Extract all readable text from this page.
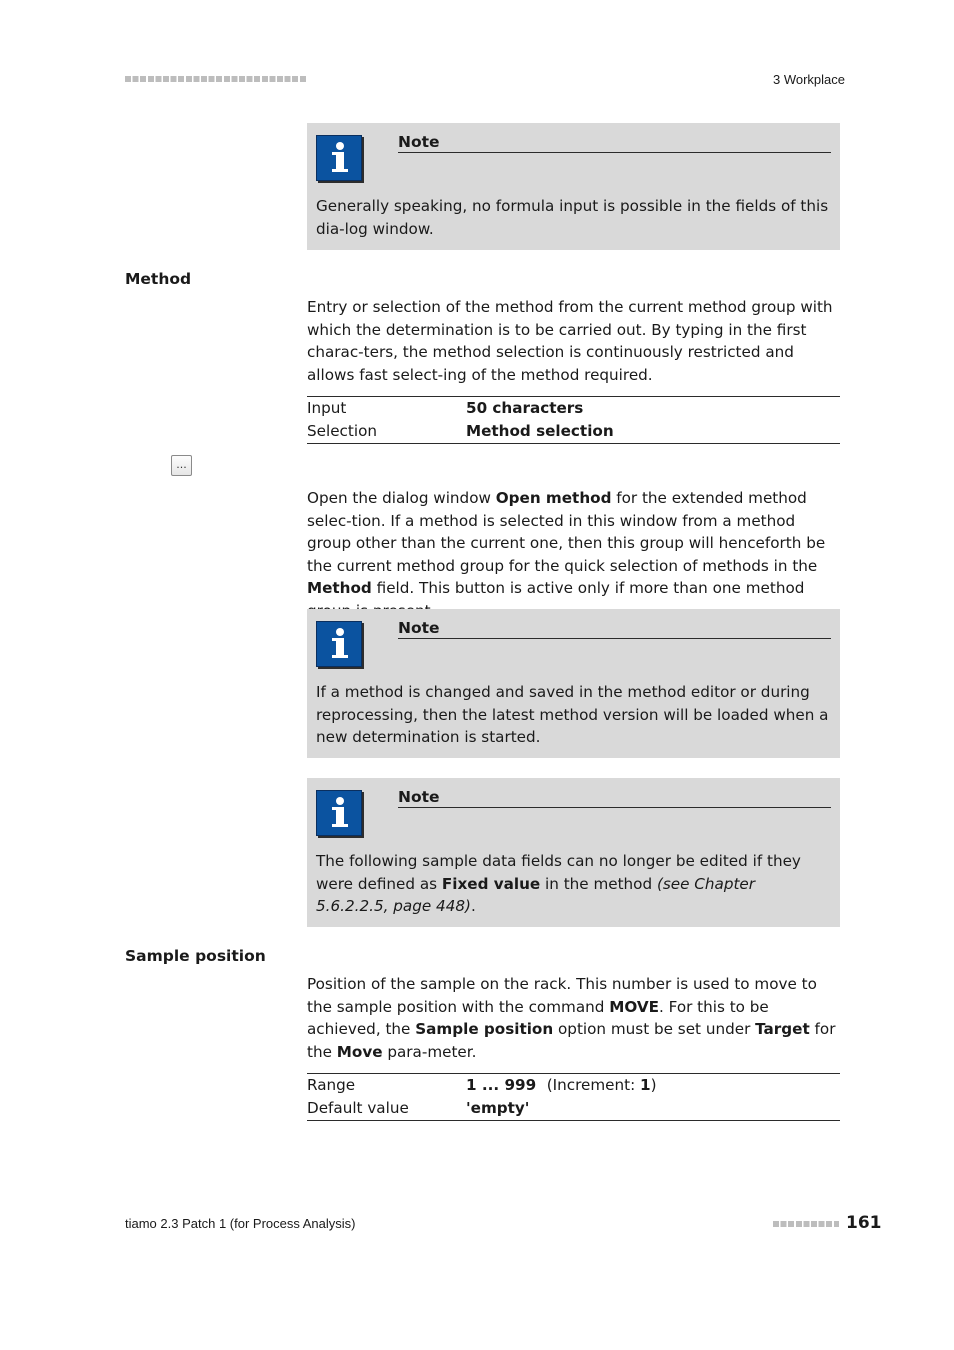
3 Workplace
Note
Generally speaking, no formula input is possible in the fields of this dia-log window.
Method
Entry or selection of the method from the current method group with which the determination is to be carried out. By typing in the first charac-ters, the method selection is continuously restricted and allows fast select-ing of the method required.
Input	50 characters
Selection	Method selection
...
Open the dialog window Open method for the extended method selec-tion. If a method is selected in this window from a method group other than the current one, then this group will henceforth be the current method group for the quick selection of methods in the Method field. This button is active only if more than one method
Note
If a method is changed and saved in the method editor or during reprocessing, then the latest method version will be loaded when a new determination is started.
Note
The following sample data fields can no longer be edited if they were defined as Fixed value in the method (see Chapter 5.6.2.2.5, page 448).
Sample position
Position of the sample on the rack. This number is used to move to the sample position with the command MOVE. For this to be achieved, the Sample position option must be set under Target for the Move para-meter.
Range	1 ... 999 (Increment: 1)
Default value	'empty'
tiamo 2.3 Patch 1 (for Process Analysis)	161
